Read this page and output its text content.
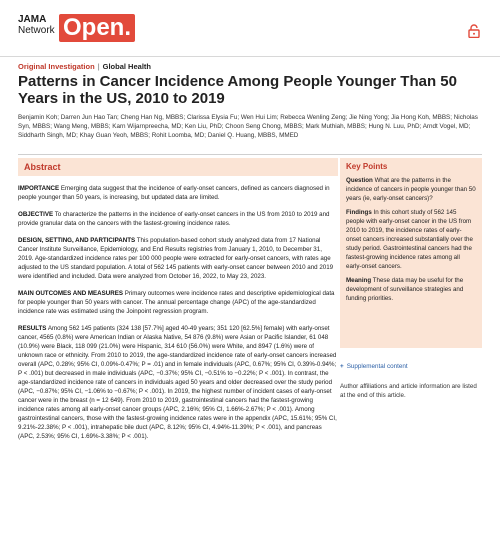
JAMA
Network Open.
Original Investigation | Global Health
Patterns in Cancer Incidence Among People Younger Than 50 Years in the US, 2010 to 2019
Benjamin Koh; Darren Jun Hao Tan; Cheng Han Ng, MBBS; Clarissa Elysia Fu; Wen Hui Lim; Rebecca Wenling Zeng; Jie Ning Yong; Jia Hong Koh, MBBS; Nicholas Syn, MBBS; Wang Meng, MBBS; Karn Wijarnpreecha, MD; Ken Liu, PhD; Choon Seng Chong, MBBS; Mark Muthiah, MBBS; Hung N. Luu, PhD; Arndt Vogel, MD; Siddharth Singh, MD; Khay Guan Yeoh, MBBS; Rohit Loomba, MD; Daniel Q. Huang, MBBS, MMED
Abstract

IMPORTANCE Emerging data suggest that the incidence of early-onset cancers, defined as cancers diagnosed in people younger than 50 years, is increasing, but updated data are limited.

OBJECTIVE To characterize the patterns in the incidence of early-onset cancers in the US from 2010 to 2019 and provide granular data on the cancers with the fastest-growing incidence rates.

DESIGN, SETTING, AND PARTICIPANTS This population-based cohort study analyzed data from 17 National Cancer Institute Surveillance, Epidemiology, and End Results registries from January 1, 2010, to December 31, 2019. Age-standardized incidence rates per 100 000 people were extracted for early-onset cancers, with rates age adjusted to the US standard population. A total of 562 145 patients with early-onset cancer between 2010 and 2019 were identified and included. Data were analyzed from October 16, 2022, to May 23, 2023.

MAIN OUTCOMES AND MEASURES Primary outcomes were incidence rates and descriptive epidemiological data for people younger than 50 years with cancer. The annual percentage change (APC) of the age-standardized incidence rate was estimated using the Joinpoint regression program.

RESULTS Among 562 145 patients (324 138 [57.7%] aged 40-49 years; 351 120 [62.5%] female) with early-onset cancer, 4565 (0.8%) were American Indian or Alaska Native, 54 876 (9.8%) were Asian or Pacific Islander, 61 048 (10.9%) were Black, 118 099 (21.0%) were Hispanic, 314 610 (56.0%) were White, and 8947 (1.6%) were of unknown race or ethnicity. From 2010 to 2019, the age-standardized incidence rate of early-onset cancers increased overall (APC, 0.28%; 95% CI, 0.09%-0.47%; P = .01) and in female individuals (APC, 0.67%; 95% CI, 0.39%-0.94%; P < .001) but decreased in male individuals (APC, −0.37%; 95% CI, −0.51% to −0.22%; P < .001). In contrast, the age-standardized incidence rate of cancers in individuals aged 50 years and older decreased over the study period (APC, −0.87%; 95% CI, −1.06% to −0.67%; P < .001). In 2019, the highest number of incident cases of early-onset cancer were in the breast (n = 12 649). From 2010 to 2019, gastrointestinal cancers had the fastest-growing incidence rates among all early-onset cancer groups (APC, 2.16%; 95% CI, 1.66%-2.67%; P < .001). Among gastrointestinal cancers, those with the fastest-growing incidence rates were in the appendix (APC, 15.61%; 95% CI, 9.21%-22.38%; P < .001), intrahepatic bile duct (APC, 8.12%; 95% CI, 4.94%-11.39%; P < .001), and pancreas (APC, 2.53%; 95% CI, 1.69%-3.38%; P < .001).

Key Points

Question What are the patterns in the incidence of cancers in people younger than 50 years (ie, early-onset cancers)?

Findings In this cohort study of 562 145 people with early-onset cancer in the US from 2010 to 2019, the incidence rates of early-onset cancers increased substantially over the study period. Gastrointestinal cancers had the fastest-growing incidence rates among all early-onset cancers.

Meaning These data may be useful for the development of surveillance strategies and funding priorities.

+ Supplemental content
Author affiliations and article information are listed at the end of this article.
